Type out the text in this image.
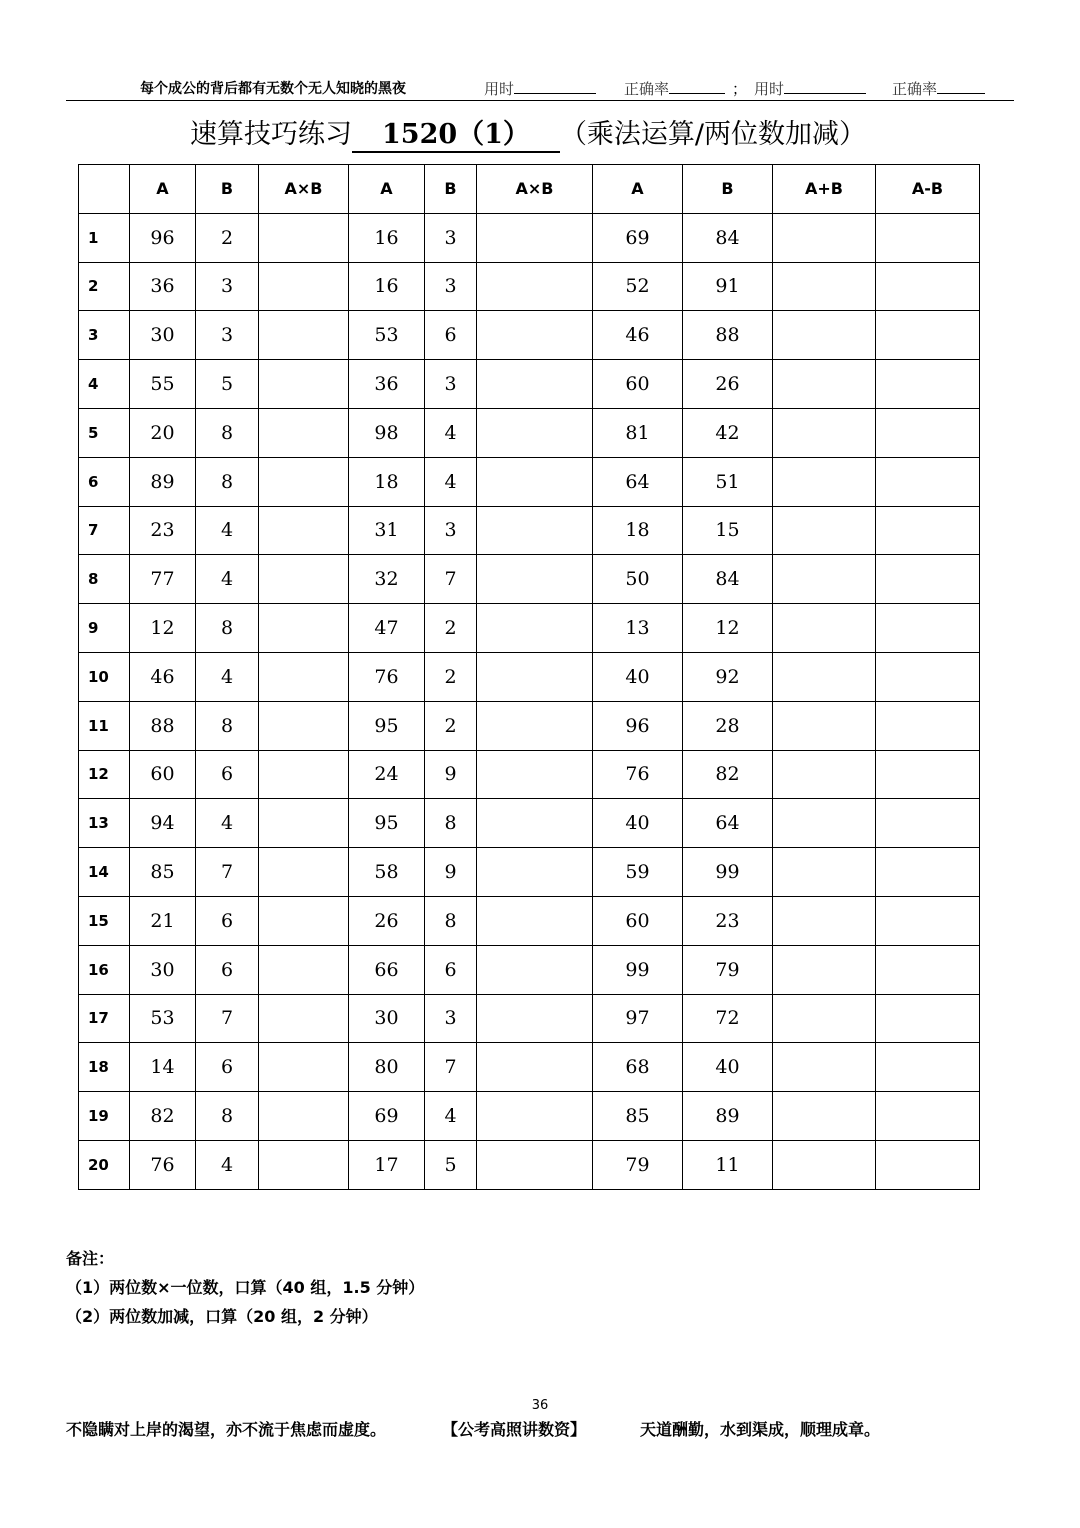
每个成公的背后都有无数个无人知晓的黑夜	用时	正确率	； 用时	正确率
速算技巧练习 1520（1） （乘法运算/两位数加减）
	A	B	A×B	A	B	A×B	A	B	A+B	A-B
1	96	2		16	3		69	84		
2	36	3		16	3		52	91		
3	30	3		53	6		46	88		
4	55	5		36	3		60	26		
5	20	8		98	4		81	42		
6	89	8		18	4		64	51		
7	23	4		31	3		18	15		
8	77	4		32	7		50	84		
9	12	8		47	2		13	12		
10	46	4		76	2		40	92		
11	88	8		95	2		96	28		
12	60	6		24	9		76	82		
13	94	4		95	8		40	64		
14	85	7		58	9		59	99		
15	21	6		26	8		60	23		
16	30	6		66	6		99	79		
17	53	7		30	3		97	72		
18	14	6		80	7		68	40		
19	82	8		69	4		85	89		
20	76	4		17	5		79	11		
备注：
（1）两位数×一位数，口算（40 组，1.5 分钟）
（2）两位数加减，口算（20 组，2 分钟）
36
不隐瞒对上岸的渴望，亦不流于焦虑而虚度。	【公考高照讲数资】	天道酬勤，水到渠成，顺理成章。
